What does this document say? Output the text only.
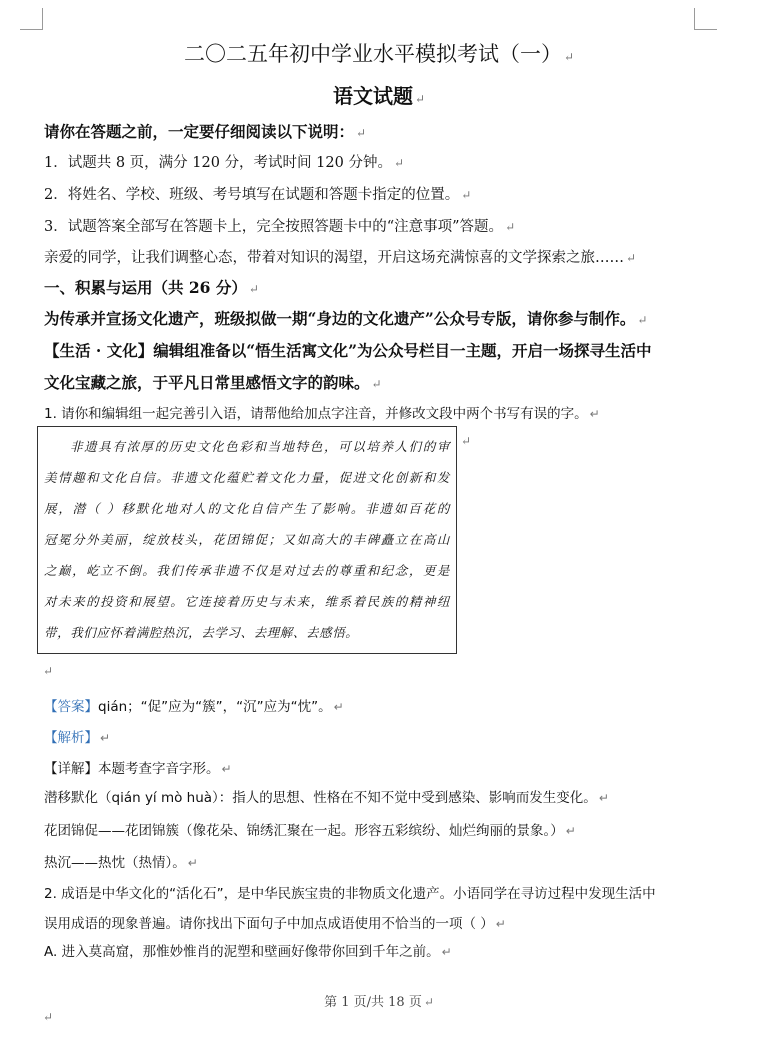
二〇二五年初中学业水平模拟考试（一） ↵
语文试题 ↵
请你在答题之前，一定要仔细阅读以下说明： ↵
1．试题共 8 页，满分 120 分，考试时间 120 分钟。 ↵
2．将姓名、学校、班级、考号填写在试题和答题卡指定的位置。 ↵
3．试题答案全部写在答题卡上，完全按照答题卡中的“注意事项”答题。 ↵
亲爱的同学，让我们调整心态，带着对知识的渴望，开启这场充满惊喜的文学探索之旅…… ↵
一、积累与运用（共 26 分） ↵
为传承并宣扬文化遗产，班级拟做一期“身边的文化遗产”公众号专版，请你参与制作。 ↵
【生活 · 文化】编辑组准备以“悟生活寓文化”为公众号栏目一主题，开启一场探寻生活中
文化宝藏之旅，于平凡日常里感悟文字的韵味。 ↵
1. 请你和编辑组一起完善引入语，请帮他给加点字注音，并修改文段中两个书写有误的字。 ↵
非遗具有浓厚的历史文化色彩和当地特色，可以培养人们的审
美情趣和文化自信。非遗文化蕴贮着文化力量，促进文化创新和发
展，潜（ ）移默化地对人的文化自信产生了影响。非遗如百花的
冠冕分外美丽，绽放枝头，花团锦促；又如高大的丰碑矗立在高山
之巅，屹立不倒。我们传承非遗不仅是对过去的尊重和纪念，更是
对未来的投资和展望。它连接着历史与未来，维系着民族的精神纽
带，我们应怀着满腔热沉，去学习、去理解、去感悟。
↵
↵
【答案】qián；“促”应为“簇”，“沉”应为“忱”。 ↵
【解析】 ↵
【详解】本题考查字音字形。 ↵
潜移默化（qián yí mò huà）：指人的思想、性格在不知不觉中受到感染、影响而发生变化。 ↵
花团锦促——花团锦簇（像花朵、锦绣汇聚在一起。形容五彩缤纷、灿烂绚丽的景象。） ↵
热沉——热忱（热情）。 ↵
2. 成语是中华文化的“活化石”，是中华民族宝贵的非物质文化遗产。小语同学在寻访过程中发现生活中
误用成语的现象普遍。请你找出下面句子中加点成语使用不恰当的一项（ ） ↵
A. 进入莫高窟，那惟妙惟肖的泥塑和壁画好像带你回到千年之前。 ↵
第 1 页/共 18 页 ↵
↵
